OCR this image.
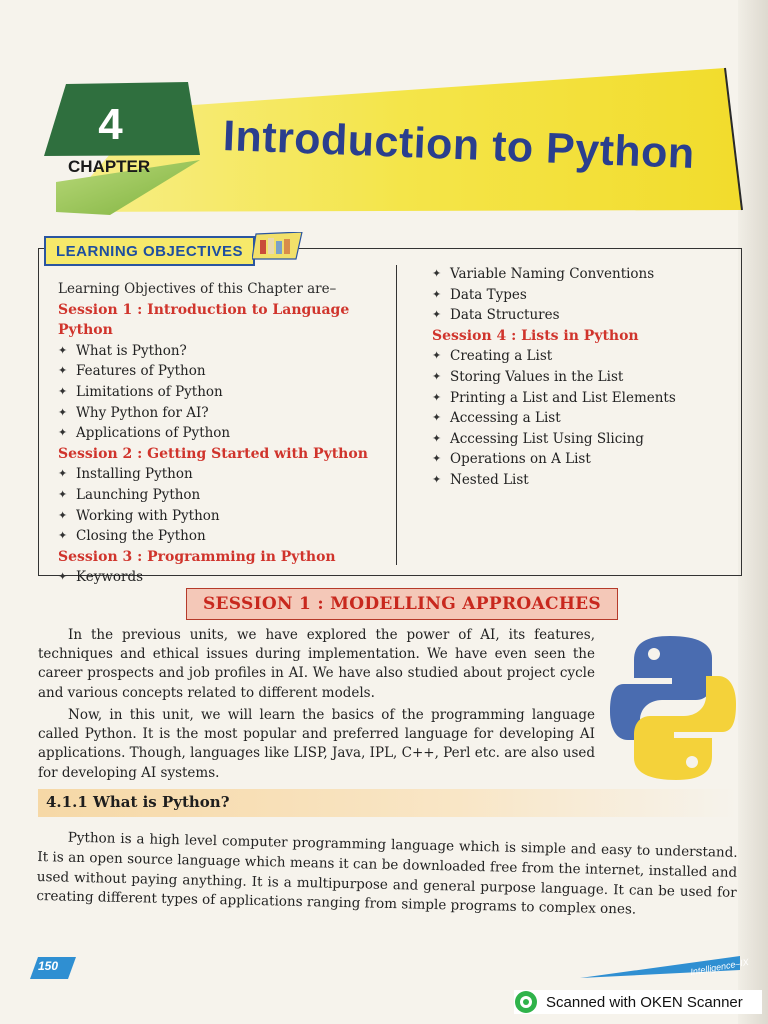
4
CHAPTER Introduction to Python
LEARNING OBJECTIVES
Learning Objectives of this Chapter are–
Session 1 : Introduction to Language Python
✦ What is Python?
✦ Features of Python
✦ Limitations of Python
✦ Why Python for AI?
✦ Applications of Python
Session 2 : Getting Started with Python
✦ Installing Python
✦ Launching Python
✦ Working with Python
✦ Closing the Python
Session 3 : Programming in Python
✦ Keywords
✦ Variable Naming Conventions
✦ Data Types
✦ Data Structures
Session 4 : Lists in Python
✦ Creating a List
✦ Storing Values in the List
✦ Printing a List and List Elements
✦ Accessing a List
✦ Accessing List Using Slicing
✦ Operations on A List
✦ Nested List
SESSION 1 : MODELLING APPROACHES
In the previous units, we have explored the power of AI, its features, techniques and ethical issues during implementation. We have even seen the career prospects and job profiles in AI. We have also studied about project cycle and various concepts related to different models.
Now, in this unit, we will learn the basics of the programming language called Python. It is the most popular and preferred language for developing AI applications. Though, languages like LISP, Java, IPL, C++, Perl etc. are also used for developing AI systems.
4.1.1 What is Python?
Python is a high level computer programming language which is simple and easy to understand. It is an open source language which means it can be downloaded free from the internet, installed and used without paying anything. It is a multipurpose and general purpose language. It can be used for creating different types of applications ranging from simple programs to complex ones.
150	Intelligence–IX
Scanned with OKEN Scanner
